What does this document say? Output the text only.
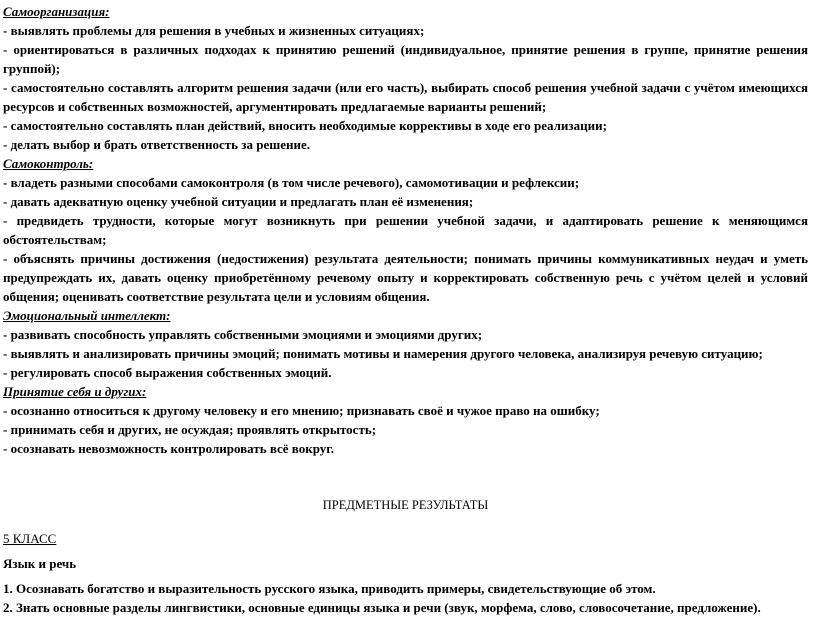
Самоорганизация:

- выявлять проблемы для решения в учебных и жизненных ситуациях;

- ориентироваться в различных подходах к принятию решений (индивидуальное, принятие решения в группе, принятие решения группой);

- самостоятельно составлять алгоритм решения задачи (или его часть), выбирать способ решения учебной задачи с учётом имеющихся ресурсов и собственных возможностей, аргументировать предлагаемые варианты решений;

- самостоятельно составлять план действий, вносить необходимые коррективы в ходе его реализации;

- делать выбор и брать ответственность за решение.

Самоконтроль:

- владеть разными способами самоконтроля (в том числе речевого), самомотивации и рефлексии;

- давать адекватную оценку учебной ситуации и предлагать план её изменения;

- предвидеть трудности, которые могут возникнуть при решении учебной задачи, и адаптировать решение к меняющимся обстоятельствам;

- объяснять причины достижения (недостижения) результата деятельности; понимать причины коммуникативных неудач и уметь предупреждать их, давать оценку приобретённому речевому опыту и корректировать собственную речь с учётом целей и условий общения; оценивать соответствие результата цели и условиям общения.

Эмоциональный интеллект:

- развивать способность управлять собственными эмоциями и эмоциями других;

- выявлять и анализировать причины эмоций; понимать мотивы и намерения другого человека, анализируя речевую ситуацию;

- регулировать способ выражения собственных эмоций.

Принятие себя и других:

- осознанно относиться к другому человеку и его мнению; признавать своё и чужое право на ошибку;

- принимать себя и других, не осуждая; проявлять открытость;

- осознавать невозможность контролировать всё вокруг.

ПРЕДМЕТНЫЕ РЕЗУЛЬТАТЫ

5 КЛАСС

Язык и речь

1. Осознавать богатство и выразительность русского языка, приводить примеры, свидетельствующие об этом.

2. Знать основные разделы лингвистики, основные единицы языка и речи (звук, морфема, слово, словосочетание, предложение).
